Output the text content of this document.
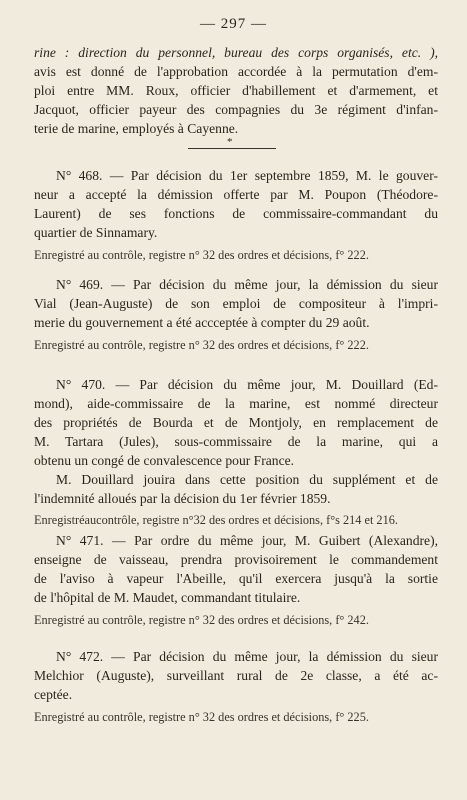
— 297 —
rine : direction du personnel, bureau des corps organisés, etc. ),
avis est donné de l'approbation accordée à la permutation d'em-
ploi entre MM. Roux, officier d'habillement et d'armement, et
Jacquot, officier payeur des compagnies du 3e régiment d'infan-
terie de marine, employés à Cayenne.
*
N° 468. — Par décision du 1er septembre 1859, M. le gouver-
neur a accepté la démission offerte par M. Poupon (Théodore-
Laurent) de ses fonctions de commissaire-commandant du
quartier de Sinnamary.
Enregistré au contrôle, registre n° 32 des ordres et décisions, f° 222.
N° 469. — Par décision du même jour, la démission du sieur
Vial (Jean-Auguste) de son emploi de compositeur à l'impri-
merie du gouvernement a été accceptée à compter du 29 août.
Enregistré au contrôle, registre n° 32 des ordres et décisions, f° 222.
N° 470. — Par décision du même jour, M. Douillard (Ed-
mond), aide-commissaire de la marine, est nommé directeur
des propriétés de Bourda et de Montjoly, en remplacement de
M. Tartara (Jules), sous-commissaire de la marine, qui a
obtenu un congé de convalescence pour France.
M. Douillard jouira dans cette position du supplément et de
l'indemnité alloués par la décision du 1er février 1859.
Enregistréaucontrôle, registre n°32 des ordres et décisions, f°s 214 et 216.
N° 471. — Par ordre du même jour, M. Guibert (Alexandre),
enseigne de vaisseau, prendra provisoirement le commandement
de l'aviso à vapeur l'Abeille, qu'il exercera jusqu'à la sortie
de l'hôpital de M. Maudet, commandant titulaire.
Enregistré au contrôle, registre n° 32 des ordres et décisions, f° 242.
N° 472. — Par décision du même jour, la démission du sieur
Melchior (Auguste), surveillant rural de 2e classe, a été ac-
ceptée.
Enregistré au contrôle, registre n° 32 des ordres et décisions, f° 225.
